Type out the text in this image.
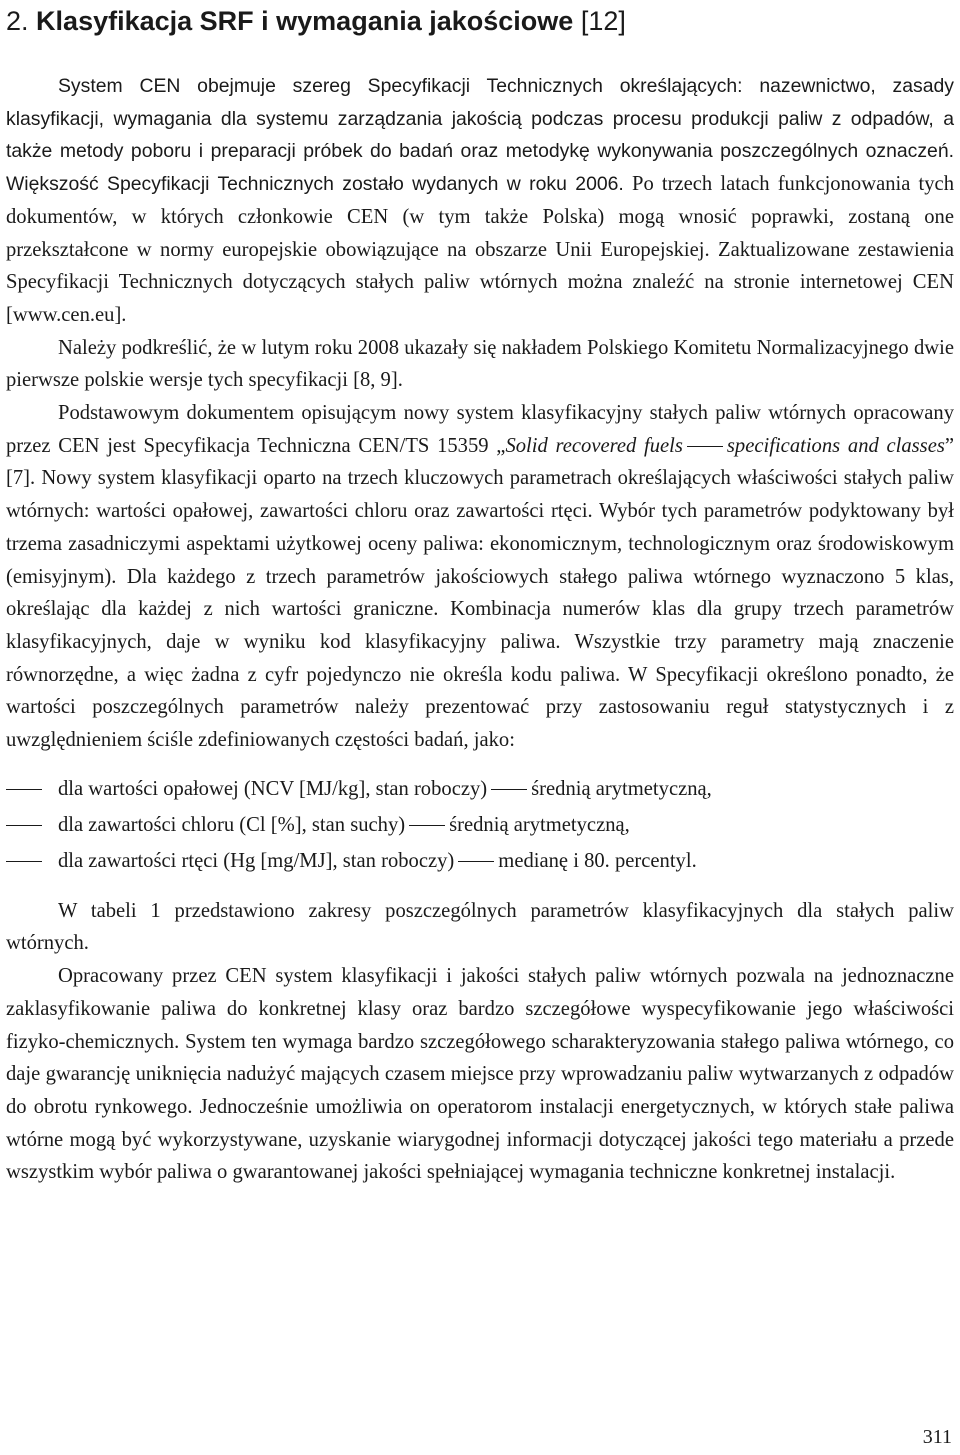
2. Klasyfikacja SRF i wymagania jakościowe [12]

System CEN obejmuje szereg Specyfikacji Technicznych określających: nazewnictwo, zasady klasyfikacji, wymagania dla systemu zarządzania jakością podczas procesu produkcji paliw z odpadów, a także metody poboru i preparacji próbek do badań oraz metodykę wykonywania poszczególnych oznaczeń. Większość Specyfikacji Technicznych zostało wydanych w roku 2006. Po trzech latach funkcjonowania tych dokumentów, w których członkowie CEN (w tym także Polska) mogą wnosić poprawki, zostaną one przekształcone w normy europejskie obowiązujące na obszarze Unii Europejskiej. Zaktualizowane zestawienia Specyfikacji Technicznych dotyczących stałych paliw wtórnych można znaleźć na stronie internetowej CEN [www.cen.eu].

Należy podkreślić, że w lutym roku 2008 ukazały się nakładem Polskiego Komitetu Normalizacyjnego dwie pierwsze polskie wersje tych specyfikacji [8, 9].

Podstawowym dokumentem opisującym nowy system klasyfikacyjny stałych paliw wtórnych opracowany przez CEN jest Specyfikacja Techniczna CEN/TS 15359 „Solid recovered fuels specifications and classes” [7]. Nowy system klasyfikacji oparto na trzech kluczowych parametrach określających właściwości stałych paliw wtórnych: wartości opałowej, zawartości chloru oraz zawartości rtęci. Wybór tych parametrów podyktowany był trzema zasadniczymi aspektami użytkowej oceny paliwa: ekonomicznym, technologicznym oraz środowiskowym (emisyjnym). Dla każdego z trzech parametrów jakościowych stałego paliwa wtórnego wyznaczono 5 klas, określając dla każdej z nich wartości graniczne. Kombinacja numerów klas dla grupy trzech parametrów klasyfikacyjnych, daje w wyniku kod klasyfikacyjny paliwa. Wszystkie trzy parametry mają znaczenie równorzędne, a więc żadna z cyfr pojedynczo nie określa kodu paliwa. W Specyfikacji określono ponadto, że wartości poszczególnych parametrów należy prezentować przy zastosowaniu reguł statystycznych i z uwzględnieniem ściśle zdefiniowanych częstości badań, jako:

dla wartości opałowej (NCV [MJ/kg], stan roboczy) średnią arytmetyczną,
dla zawartości chloru (Cl [%], stan suchy) średnią arytmetyczną,
dla zawartości rtęci (Hg [mg/MJ], stan roboczy) medianę i 80. percentyl.

W tabeli 1 przedstawiono zakresy poszczególnych parametrów klasyfikacyjnych dla stałych paliw wtórnych.

Opracowany przez CEN system klasyfikacji i jakości stałych paliw wtórnych pozwala na jednoznaczne zaklasyfikowanie paliwa do konkretnej klasy oraz bardzo szczegółowe wyspecyfikowanie jego właściwości fizyko-chemicznych. System ten wymaga bardzo szczegółowego scharakteryzowania stałego paliwa wtórnego, co daje gwarancję uniknięcia nadużyć mających czasem miejsce przy wprowadzaniu paliw wytwarzanych z odpadów do obrotu rynkowego. Jednocześnie umożliwia on operatorom instalacji energetycznych, w których stałe paliwa wtórne mogą być wykorzystywane, uzyskanie wiarygodnej informacji dotyczącej jakości tego materiału a przede wszystkim wybór paliwa o gwarantowanej jakości spełniającej wymagania techniczne konkretnej instalacji.

311
